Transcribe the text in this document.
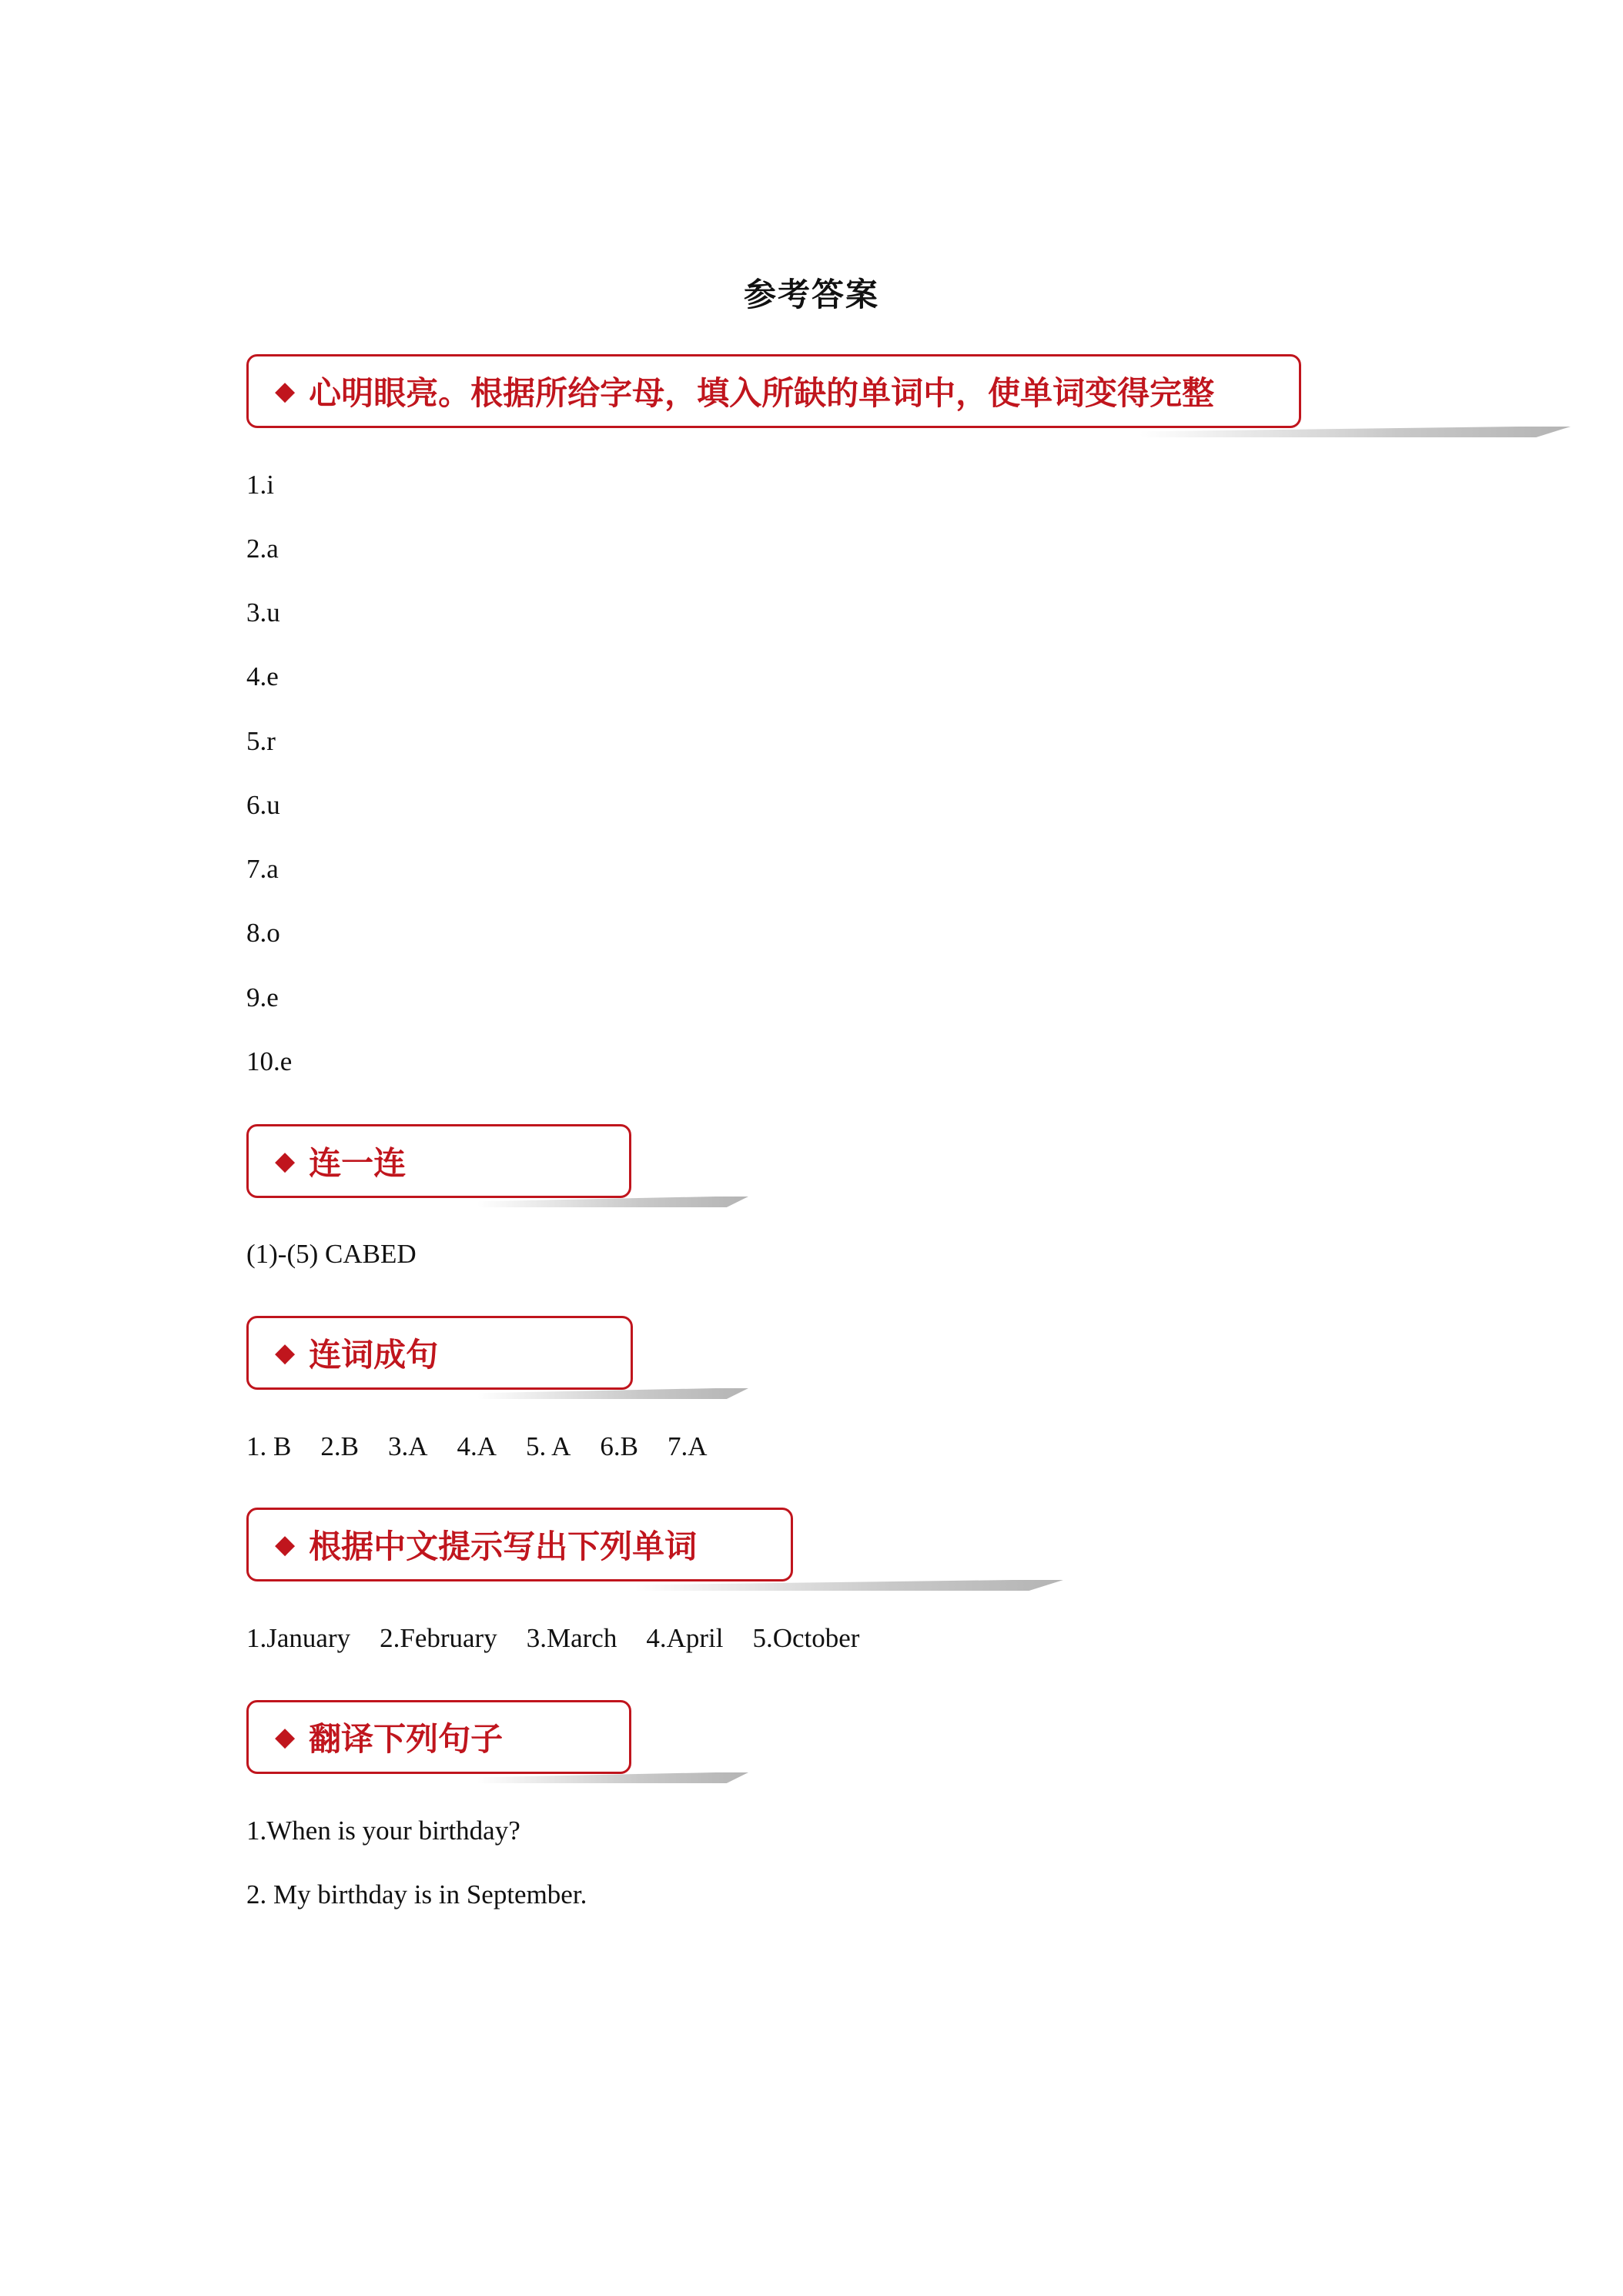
参考答案
◆ 心明眼亮。根据所给字母，填入所缺的单词中，使单词变得完整
1.i
2.a
3.u
4.e
5.r
6.u
7.a
8.o
9.e
10.e
◆ 连一连
(1)-(5) CABED
◆ 连词成句
1. B 2.B 3.A 4.A 5. A 6.B 7.A
◆ 根据中文提示写出下列单词
1.January 2.February 3.March 4.April 5.October
◆ 翻译下列句子
1.When is your birthday?
2. My birthday is in September.
